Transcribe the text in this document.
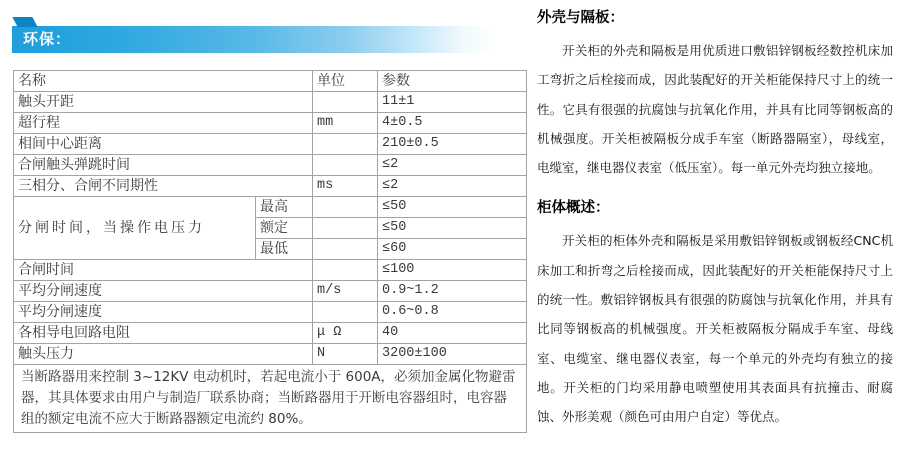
环保：
名称		单位	参数
触头开距			11±1
超行程		mm	4±0.5
相间中心距离			210±0.5
合闸触头弹跳时间			≤2
三相分、合闸不同期性		ms	≤2
分闸时间，当操作电压力	最高		≤50
	额定		≤50
	最低		≤60
合闸时间			≤100
平均分闸速度		m/s	0.9~1.2
平均分闸速度			0.6~0.8
各相导电回路电阻		μ Ω	40
触头压力		N	3200±100
当断路器用来控制 3~12KV 电动机时，若起电流小于 600A，必须加金属化物避雷器，其具体要求由用户与制造厂联系协商；当断路器用于开断电容器组时，电容器组的额定电流不应大于断路器额定电流约 80%。			
外壳与隔板：

开关柜的外壳和隔板是用优质进口敷铝锌钢板经数控机床加工弯折之后栓接而成，因此装配好的开关柜能保持尺寸上的统一性。它具有很强的抗腐蚀与抗氧化作用，并具有比同等钢板高的机械强度。开关柜被隔板分成手车室（断路器隔室），母线室，电缆室，继电器仪表室（低压室）。每一单元外壳均独立接地。

柜体概述：

开关柜的柜体外壳和隔板是采用敷铝锌钢板或钢板经CNC机床加工和折弯之后栓接而成，因此装配好的开关柜能保持尺寸上的统一性。敷铝锌钢板具有很强的防腐蚀与抗氧化作用，并具有比同等钢板高的机械强度。开关柜被隔板分隔成手车室、母线室、电缆室、继电器仪表室，每一个单元的外壳均有独立的接地。开关柜的门均采用静电喷塑使用其表面具有抗撞击、耐腐蚀、外形美观（颜色可由用户自定）等优点。
